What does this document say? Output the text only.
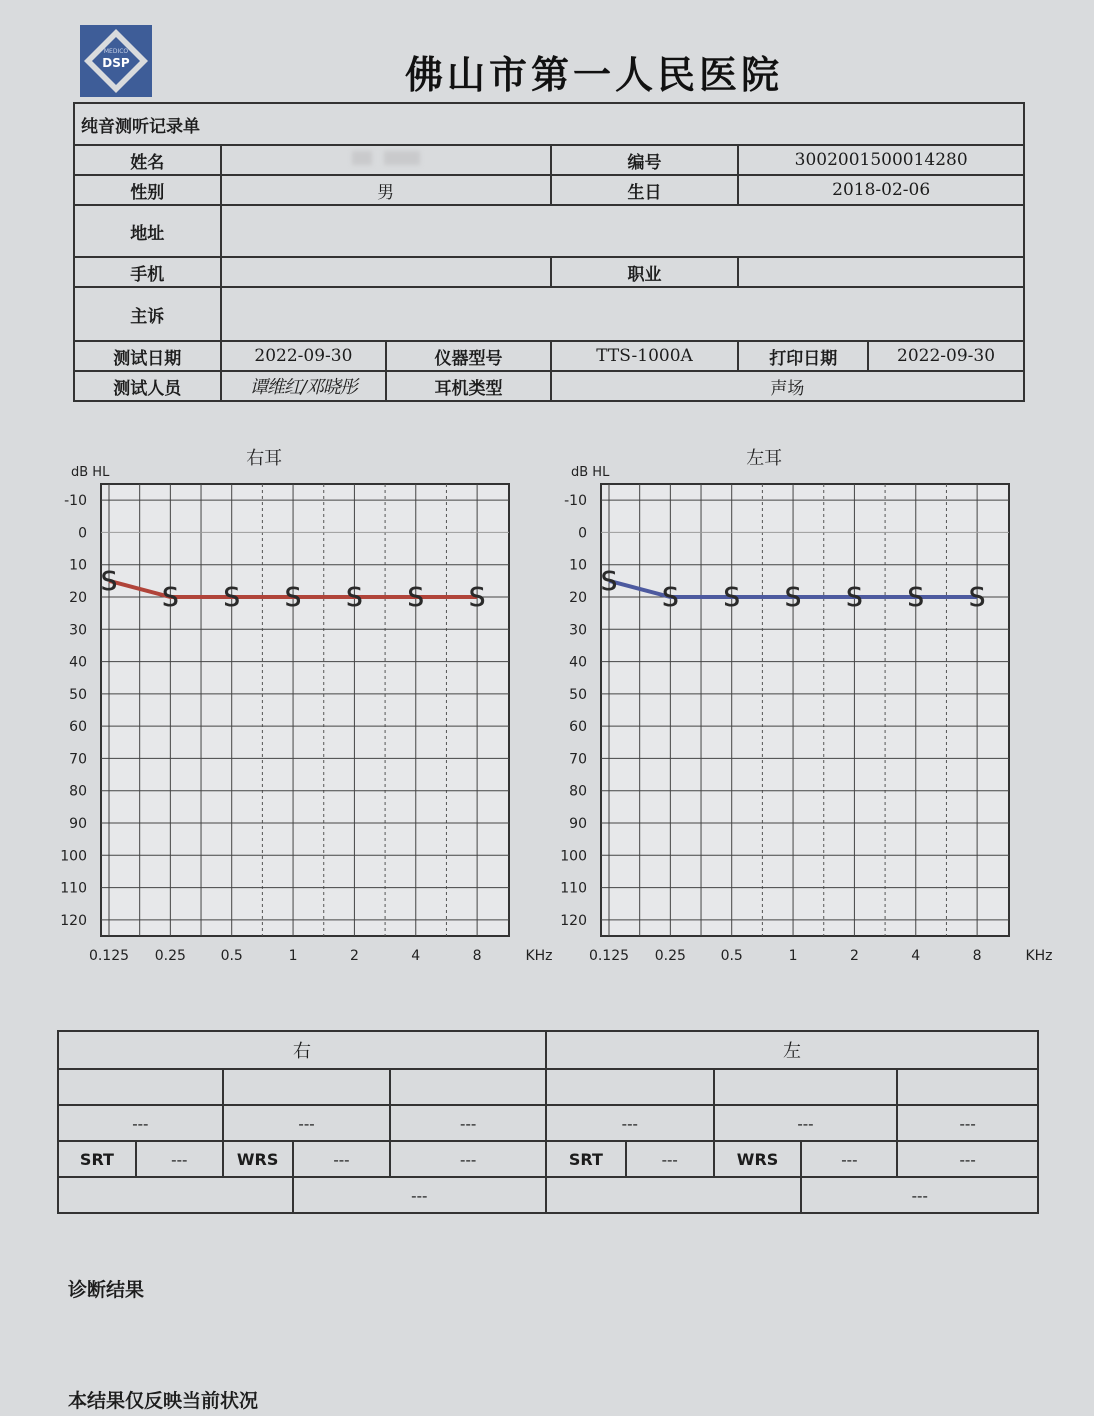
MEDICO
DSP	佛山市第一人民医院
纯音测听记录单					
姓名			编号	3002001500014280	
性别	男		生日	2018-02-06	
地址					
手机			职业		
主诉					
测试日期	2022-09-30	仪器型号	TTS-1000A	打印日期	2022-09-30
测试人员	谭维红/邓晓彤	耳机类型	声场		
0.125 0.25 0.5	1	2	4	8
-10
0
10
20
30
40
50
60
70
80
90
100
110
120
右耳
dB HL
KHz
S
S S S S S S
0.125 0.25 0.5	1	2	4	8
-10
0
10
20
30
40
50
60
70
80
90
100
110
120
左耳
dB HL
KHz
S
S S S S S S
右					左				

---		---		---	---		---		---
SRT	---	WRS	---	---	SRT	---	WRS	---	---
			---					---	
诊断结果
本结果仅反映当前状况
